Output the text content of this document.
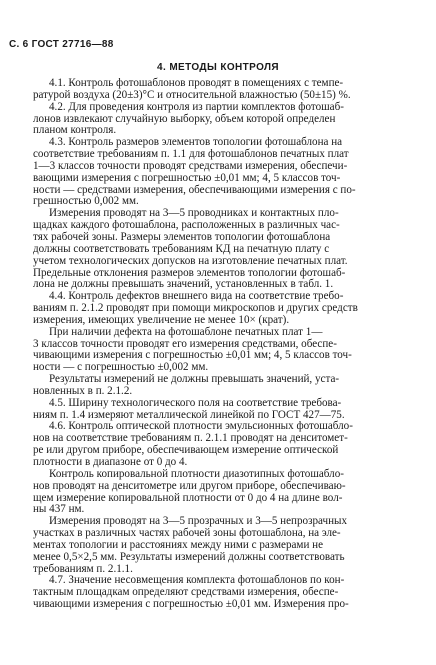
С. 6 ГОСТ 27716—88
4. МЕТОДЫ КОНТРОЛЯ
4.1. Контроль фотошаблонов проводят в помещениях с темпе-
ратурой воздуха (20±3)°С и относительной влажностью (50±15) %.
4.2. Для проведения контроля из партии комплектов фотошаб-
лонов извлекают случайную выборку, объем которой определен
планом контроля.
4.3. Контроль размеров элементов топологии фотошаблона на
соответствие требованиям п. 1.1 для фотошаблонов печатных плат
1—3 классов точности проводят средствами измерения, обеспечи-
вающими измерения с погрешностью ±0,01 мм; 4, 5 классов точ-
ности — средствами измерения, обеспечивающими измерения с по-
грешностью 0,002 мм.
Измерения проводят на 3—5 проводниках и контактных пло-
щадках каждого фотошаблона, расположенных в различных час-
тях рабочей зоны. Размеры элементов топологии фотошаблона
должны соответствовать требованиям КД на печатную плату с
учетом технологических допусков на изготовление печатных плат.
Предельные отклонения размеров элементов топологии фотошаб-
лона не должны превышать значений, установленных в табл. 1.
4.4. Контроль дефектов внешнего вида на соответствие требо-
ваниям п. 2.1.2 проводят при помощи микроскопов и других средств
измерения, имеющих увеличение не менее 10× (крат).
При наличии дефекта на фотошаблоне печатных плат 1—
3 классов точности проводят его измерения средствами, обеспе-
чивающими измерения с погрешностью ±0,01 мм; 4, 5 классов точ-
ности — с погрешностью ±0,002 мм.
Результаты измерений не должны превышать значений, уста-
новленных в п. 2.1.2.
4.5. Ширину технологического поля на соответствие требова-
ниям п. 1.4 измеряют металлической линейкой по ГОСТ 427—75.
4.6. Контроль оптической плотности эмульсионных фотошабло-
нов на соответствие требованиям п. 2.1.1 проводят на денситомет-
ре или другом приборе, обеспечивающем измерение оптической
плотности в диапазоне от 0 до 4.
Контроль копировальной плотности диазотипных фотошабло-
нов проводят на денситометре или другом приборе, обеспечиваю-
щем измерение копировальной плотности от 0 до 4 на длине вол-
ны 437 нм.
Измерения проводят на 3—5 прозрачных и 3—5 непрозрачных
участках в различных частях рабочей зоны фотошаблона, на эле-
ментах топологии и расстояниях между ними с размерами не
менее 0,5×2,5 мм. Результаты измерений должны соответствовать
требованиям п. 2.1.1.
4.7. Значение несовмещения комплекта фотошаблонов по кон-
тактным площадкам определяют средствами измерения, обеспе-
чивающими измерения с погрешностью ±0,01 мм. Измерения про-
